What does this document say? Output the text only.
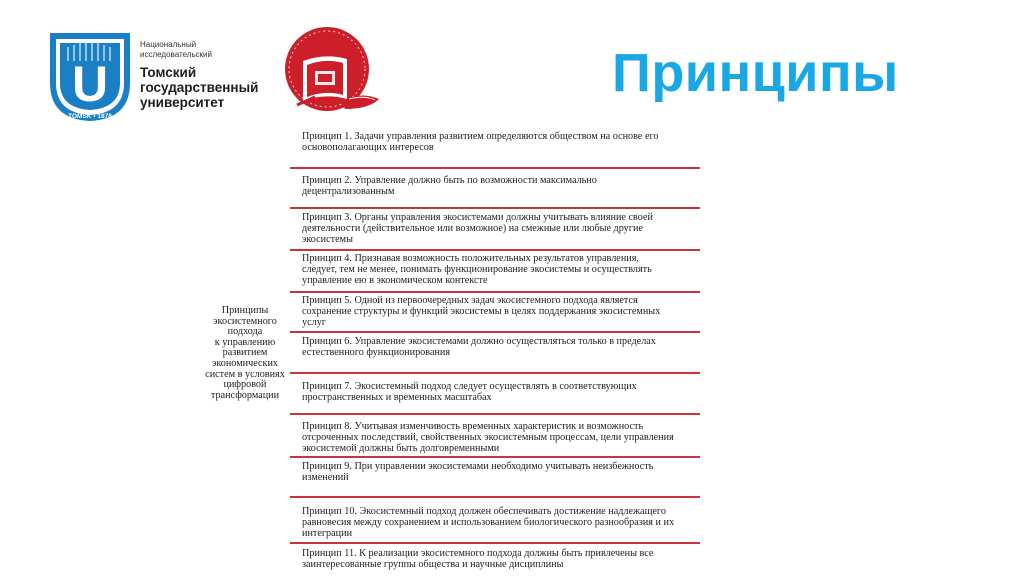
U
TOMSK • 1878
Национальный
исследовательский
Томский
государственный
университет	Принципы
Принципы
экосистемного
подхода
к управлению
развитием
экономических
систем в условиях
цифровой
трансформации
Принцип 1. Задачи управления развитием определяются обществом на основе его
основополагающих интересов
Принцип 2. Управление должно быть по возможности максимально
децентрализованным
Принцип 3. Органы управления экосистемами должны учитывать влияние своей
деятельности (действительное или возможное) на смежные или любые другие
экосистемы
Принцип 4. Признавая возможность положительных результатов управления,
следует, тем не менее, понимать функционирование экосистемы и осуществлять
управление ею в экономическом контексте
Принцип 5. Одной из первоочередных задач экосистемного подхода является
сохранение структуры и функций экосистемы в целях поддержания экосистемных
услуг
Принцип 6. Управление экосистемами должно осуществляться только в пределах
естественного функционирования
Принцип 7. Экосистемный подход следует осуществлять в соответствующих
пространственных и временных масштабах
Принцип 8. Учитывая изменчивость временных характеристик и возможность
отсроченных последствий, свойственных экосистемным процессам, цели управления
экосистемой должны быть долговременными
Принцип 9. При управлении экосистемами необходимо учитывать неизбежность
изменений
Принцип 10. Экосистемный подход должен обеспечивать достижение надлежащего
равновесия между сохранением и использованием биологического разнообразия и их
интеграции
Принцип 11. К реализации экосистемного подхода должны быть привлечены все
заинтересованные группы общества и научные дисциплины
